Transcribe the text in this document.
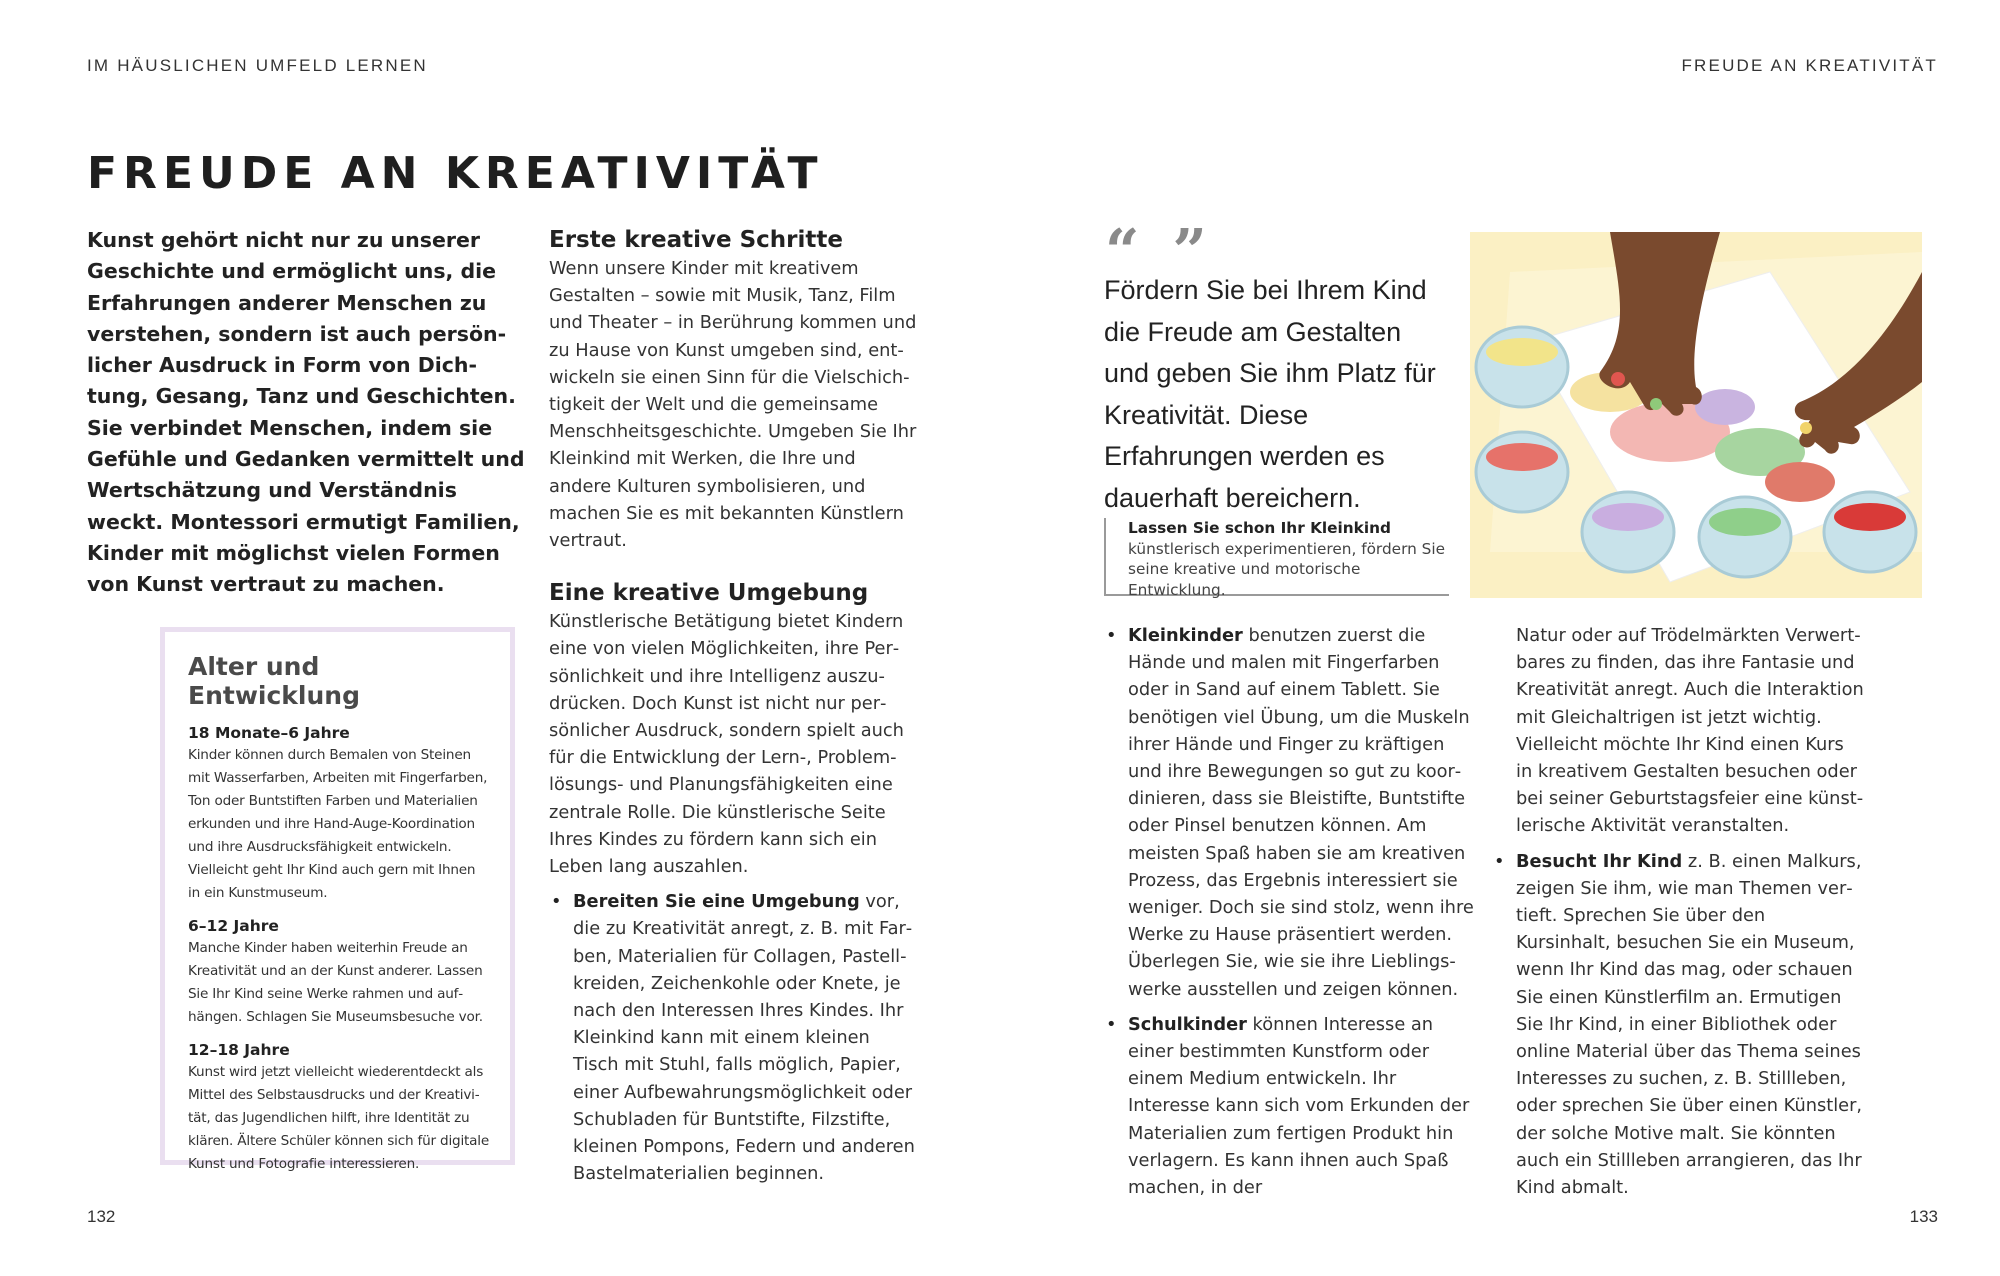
IM HÄUSLICHEN UMFELD LERNEN
FREUDE AN KREATIVITÄT

Kunst gehört nicht nur zu unserer Geschichte und ermöglicht uns, die Erfahrungen anderer Menschen zu verstehen, sondern ist auch persönlicher Ausdruck in Form von Dichtung, Gesang, Tanz und Geschichten. Sie verbindet Menschen, indem sie Gefühle und Gedanken vermittelt und Wertschätzung und Verständnis weckt. Montessori ermutigt Familien, Kinder mit möglichst vielen Formen von Kunst vertraut zu machen.

Alter und Entwicklung
18 Monate–6 Jahre

Kinder können durch Bemalen von Steinen mit Wasserfarben, Arbeiten mit Fingerfarben, Ton oder Buntstiften Farben und Materialien erkunden und ihre Hand-Auge-Koordination und ihre Ausdrucksfähigkeit entwickeln. Vielleicht geht Ihr Kind auch gern mit Ihnen in ein Kunstmuseum.

6–12 Jahre

Manche Kinder haben weiterhin Freude an Kreativität und an der Kunst anderer. Lassen Sie Ihr Kind seine Werke rahmen und aufhängen. Schlagen Sie Museumsbesuche vor.

12–18 Jahre

Kunst wird jetzt vielleicht wiederentdeckt als Mittel des Selbstausdrucks und der Kreativität, das Jugendlichen hilft, ihre Identität zu klären. Ältere Schüler können sich für digitale Kunst und Fotografie interessieren.

Erste kreative Schritte

Wenn unsere Kinder mit kreativem Gestalten – sowie mit Musik, Tanz, Film und Theater – in Berührung kommen und zu Hause von Kunst umgeben sind, entwickeln sie einen Sinn für die Vielschichtigkeit der Welt und die gemeinsame Menschheitsgeschichte. Umgeben Sie Ihr Kleinkind mit Werken, die Ihre und andere Kulturen symbolisieren, und machen Sie es mit bekannten Künstlern vertraut.

Eine kreative Umgebung

Künstlerische Betätigung bietet Kindern eine von vielen Möglichkeiten, ihre Persönlichkeit und ihre Intelligenz auszudrücken. Doch Kunst ist nicht nur persönlicher Ausdruck, sondern spielt auch für die Entwicklung der Lern-, Problemlösungs- und Planungsfähigkeiten eine zentrale Rolle. Die künstlerische Seite Ihres Kindes zu fördern kann sich ein Leben lang auszahlen.

• Bereiten Sie eine Umgebung vor, die zu Kreativität anregt, z. B. mit Farben, Materialien für Collagen, Pastellkreiden, Zeichenkohle oder Knete, je nach den Interessen Ihres Kindes. Ihr Kleinkind kann mit einem kleinen Tisch mit Stuhl, falls möglich, Papier, einer Aufbewahrungsmöglichkeit oder Schubladen für Buntstifte, Filzstifte, kleinen Pompons, Federn und anderen Bastelmaterialien beginnen.
132
FREUDE AN KREATIVITÄT
“ ”

Fördern Sie bei Ihrem Kind die Freude am Gestalten und geben Sie ihm Platz für Kreativität. Diese Erfahrungen werden es dauerhaft bereichern.

Lassen Sie schon Ihr Kleinkind künstlerisch experimentieren, fördern Sie seine kreative und motorische Entwicklung.
• Kleinkinder benutzen zuerst die Hände und malen mit Fingerfarben oder in Sand auf einem Tablett. Sie benötigen viel Übung, um die Muskeln ihrer Hände und Finger zu kräftigen und ihre Bewegungen so gut zu koordinieren, dass sie Bleistifte, Buntstifte oder Pinsel benutzen können. Am meisten Spaß haben sie am kreativen Prozess, das Ergebnis interessiert sie weniger. Doch sie sind stolz, wenn ihre Werke zu Hause präsentiert werden. Überlegen Sie, wie sie ihre Lieblingswerke ausstellen und zeigen können.
• Schulkinder können Interesse an einer bestimmten Kunstform oder einem Medium entwickeln. Ihr Interesse kann sich vom Erkunden der Materialien zum fertigen Produkt hin verlagern. Es kann ihnen auch Spaß machen, in der

Natur oder auf Trödelmärkten Verwertbares zu finden, das ihre Fantasie und Kreativität anregt. Auch die Interaktion mit Gleichaltrigen ist jetzt wichtig. Vielleicht möchte Ihr Kind einen Kurs in kreativem Gestalten besuchen oder bei seiner Geburtstagsfeier eine künstlerische Aktivität veranstalten.

• Besucht Ihr Kind z. B. einen Malkurs, zeigen Sie ihm, wie man Themen vertieft. Sprechen Sie über den Kursinhalt, besuchen Sie ein Museum, wenn Ihr Kind das mag, oder schauen Sie einen Künstlerfilm an. Ermutigen Sie Ihr Kind, in einer Bibliothek oder online Material über das Thema seines Interesses zu suchen, z. B. Stillleben, oder sprechen Sie über einen Künstler, der solche Motive malt. Sie könnten auch ein Stillleben arrangieren, das Ihr Kind abmalt.
133
